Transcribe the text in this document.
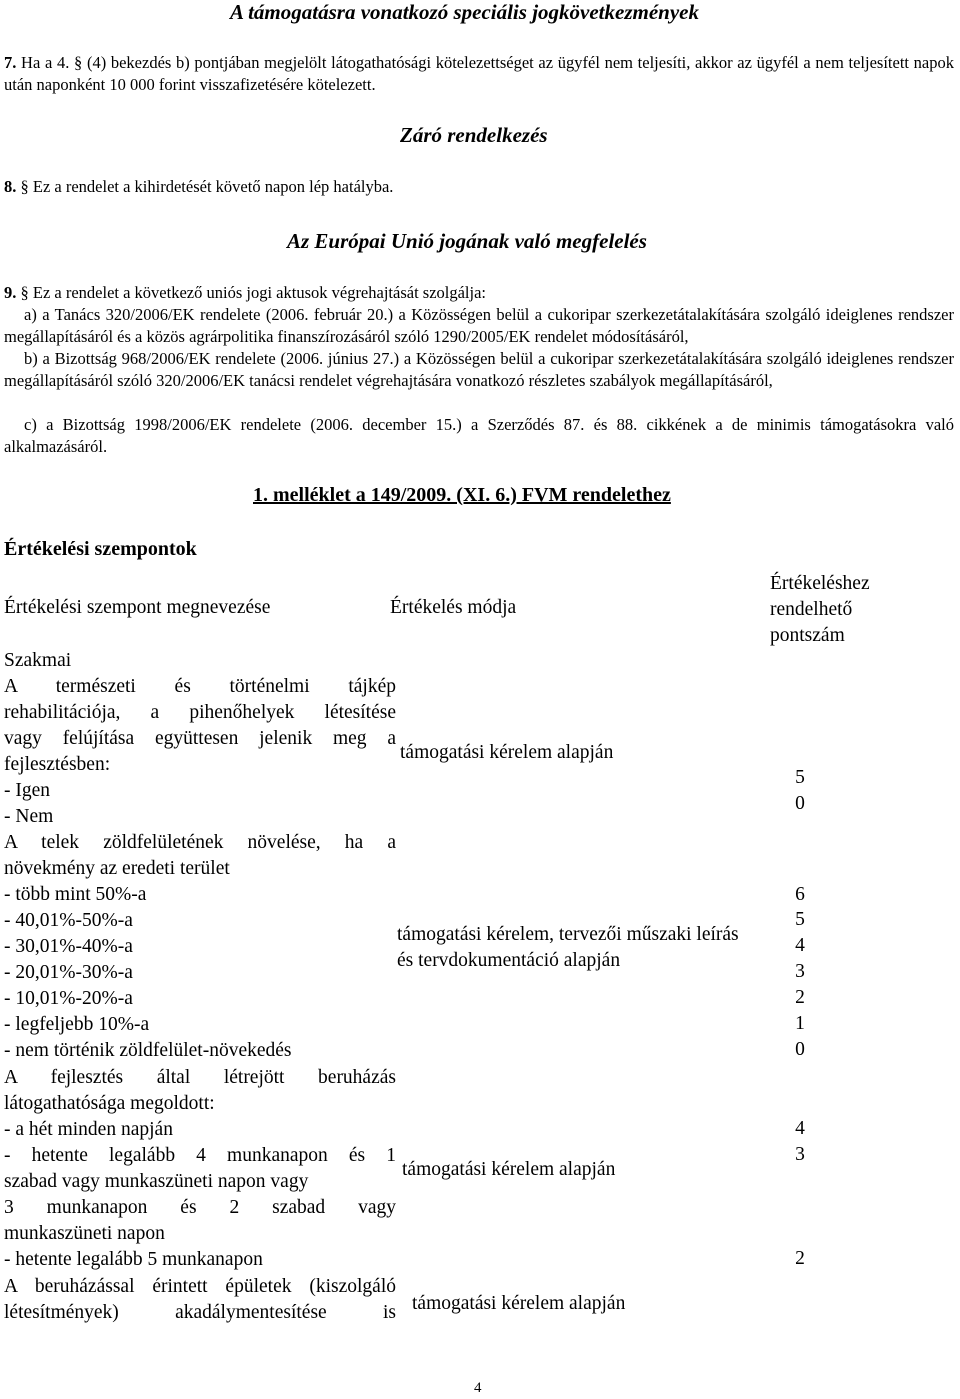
A támogatásra vonatkozó speciális jogkövetkezmények
7. Ha a 4. § (4) bekezdés b) pontjában megjelölt látogathatósági kötelezettséget az ügyfél nem teljesíti, akkor az ügyfél a nem teljesített napok után naponként 10 000 forint visszafizetésére kötelezett.
Záró rendelkezés
8. § Ez a rendelet a kihirdetését követő napon lép hatályba.
Az Európai Unió jogának való megfelelés
9. § Ez a rendelet a következő uniós jogi aktusok végrehajtását szolgálja:
a) a Tanács 320/2006/EK rendelete (2006. február 20.) a Közösségen belül a cukoripar szerkezetátalakítására szolgáló ideiglenes rendszer megállapításáról és a közös agrárpolitika finanszírozásáról szóló 1290/2005/EK rendelet módosításáról,
b) a Bizottság 968/2006/EK rendelete (2006. június 27.) a Közösségen belül a cukoripar szerkezetátalakítására szolgáló ideiglenes rendszer megállapításáról szóló 320/2006/EK tanácsi rendelet végrehajtására vonatkozó részletes szabályok megállapításáról,
c) a Bizottság 1998/2006/EK rendelete (2006. december 15.) a Szerződés 87. és 88. cikkének a de minimis támogatásokra való alkalmazásáról.
1. melléklet a 149/2009. (XI. 6.) FVM rendelethez
Értékelési szempontok
Értékelési szempont megnevezése	Értékelés módja
Értékeléshez
rendelhető
pontszám
Szakmai
A természeti és történelmi tájkép
rehabilitációja, a pihenőhelyek létesítése
vagy felújítása együttesen jelenik meg a
fejlesztésben:
- Igen
- Nem
támogatási kérelem alapján
5
0
A telek zöldfelületének növelése, ha a
növekmény az eredeti terület
- több mint 50%-a
- 40,01%-50%-a
- 30,01%-40%-a
- 20,01%-30%-a
- 10,01%-20%-a
- legfeljebb 10%-a
- nem történik zöldfelület-növekedés
támogatási kérelem, tervezői műszaki leírás
és tervdokumentáció alapján
6
5
4
3
2
1
0
A fejlesztés által létrejött beruházás
látogathatósága megoldott:
- a hét minden napján
- hetente legalább 4 munkanapon és 1
szabad vagy munkaszüneti napon vagy
3 munkanapon és 2 szabad vagy
munkaszüneti napon
- hetente legalább 5 munkanapon
támogatási kérelem alapján
4
3
2
A beruházással érintett épületek (kiszolgáló
létesítmények) akadálymentesítése is támogatási kérelem alapján
4
